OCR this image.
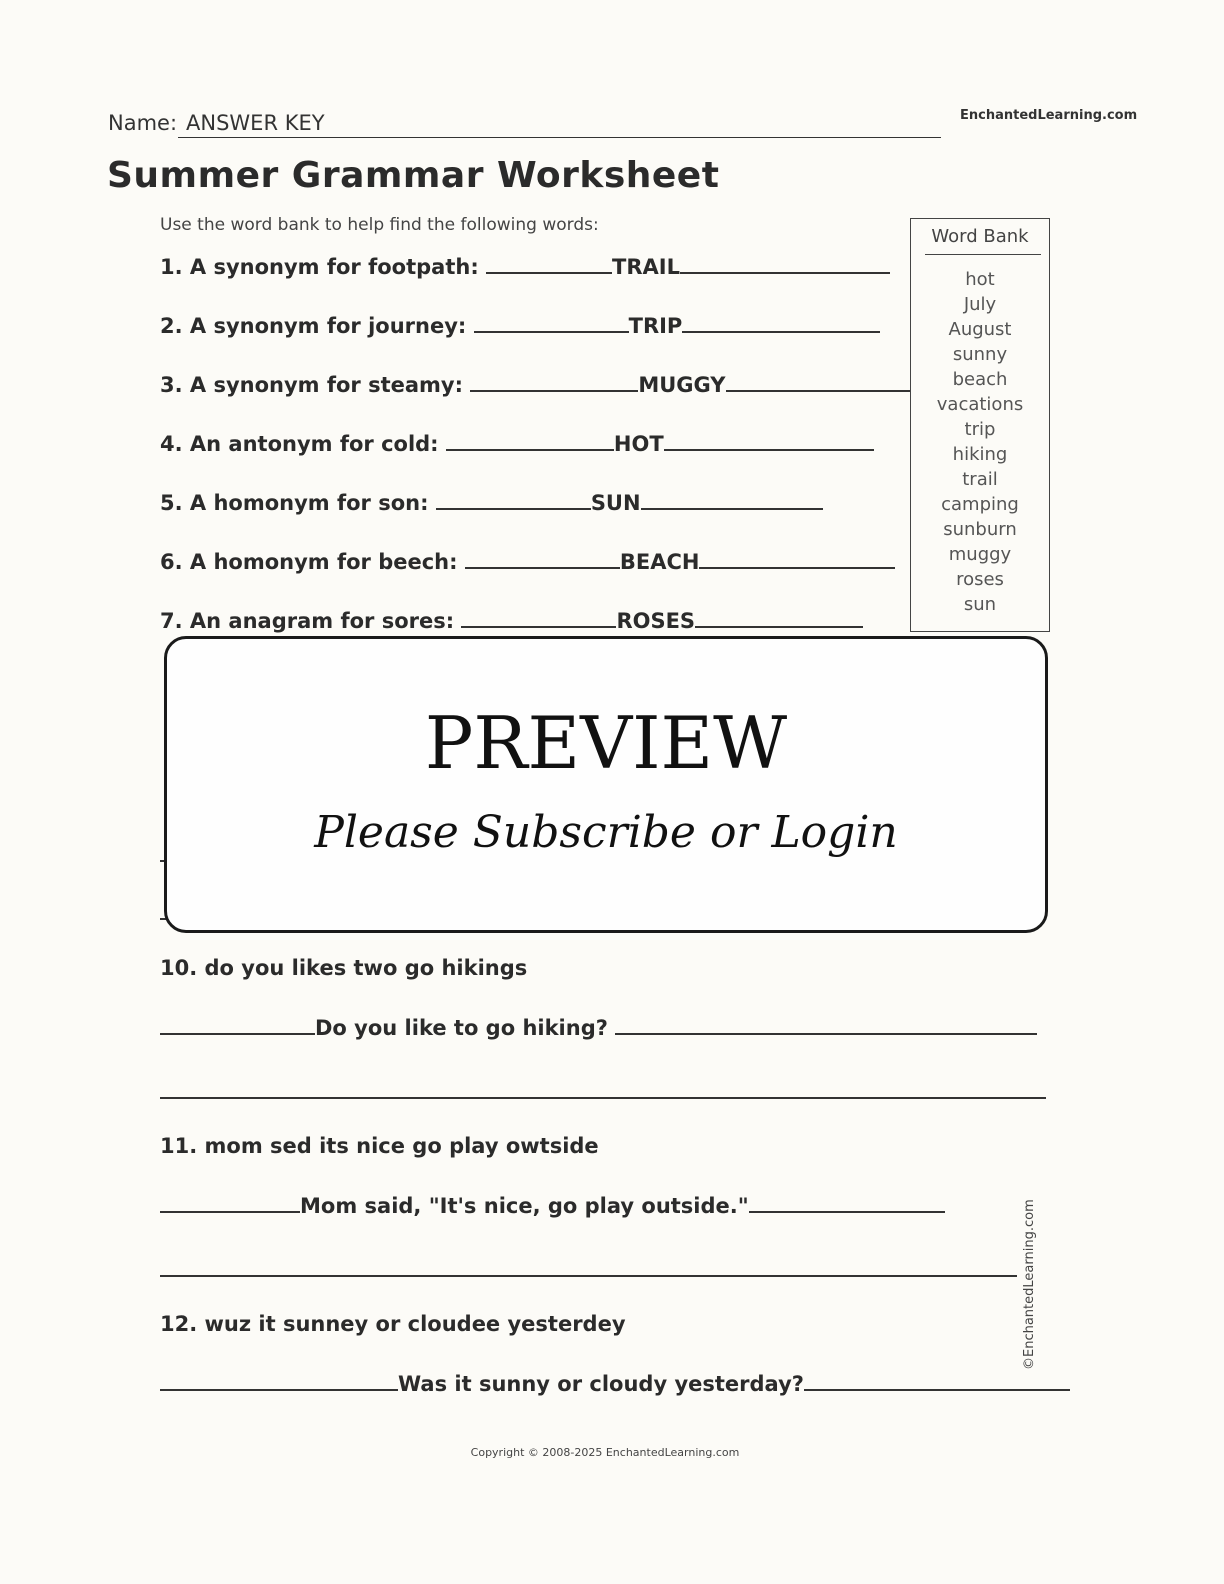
Name: ANSWER KEY	EnchantedLearning.com
Summer Grammar Worksheet
Use the word bank to help find the following words:
1. A synonym for footpath:	TRAIL
2. A synonym for journey:	TRIP
3. A synonym for steamy:	MUGGY
4. An antonym for cold:	HOT
5. A homonym for son:	SUN
6. A homonym for beech:	BEACH
7. An anagram for sores:	ROSES
Word Bank
hot
July
August
sunny
beach
vacations
trip
hiking
trail
camping
sunburn
muggy
roses
sun
PREVIEW
Please Subscribe or Login
10. do you likes two go hikings
Do you like to go hiking?
11. mom sed its nice go play owtside
Mom said, "It's nice, go play outside."
12. wuz it sunney or cloudee yesterdey
Was it sunny or cloudy yesterday?
Copyright © 2008-2025 EnchantedLearning.com
©EnchantedLearning.com
